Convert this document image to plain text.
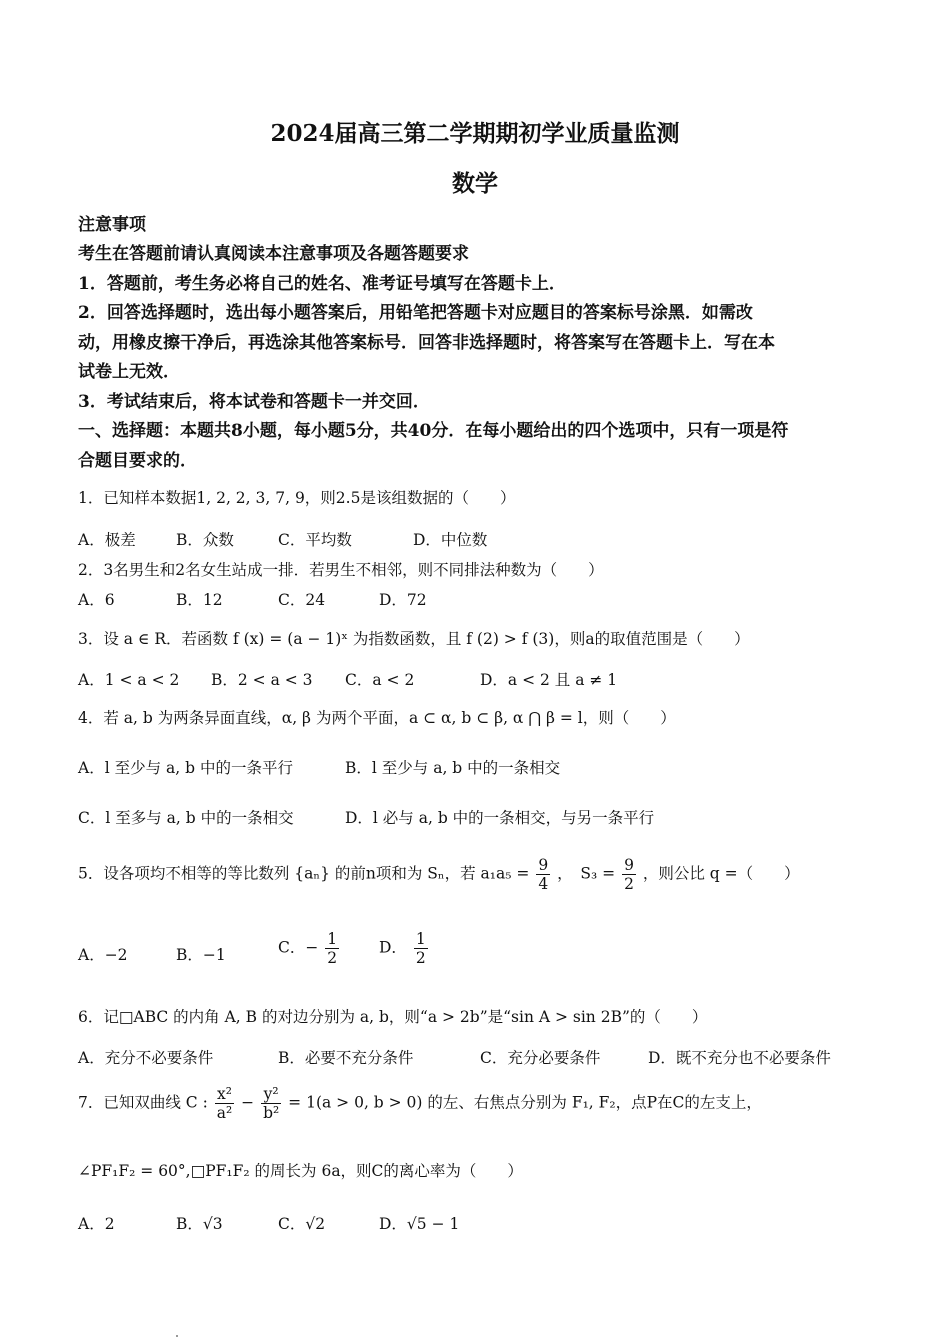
2024届高三第二学期期初学业质量监测
数学
注意事项
考生在答题前请认真阅读本注意事项及各题答题要求
1．答题前，考生务必将自己的姓名、准考证号填写在答题卡上．
2．回答选择题时，选出每小题答案后，用铅笔把答题卡对应题目的答案标号涂黑．如需改
动，用橡皮擦干净后，再选涂其他答案标号．回答非选择题时，将答案写在答题卡上．写在本
试卷上无效．
3．考试结束后，将本试卷和答题卡一并交回．
一、选择题：本题共8小题，每小题5分，共40分．在每小题给出的四个选项中，只有一项是符
合题目要求的．
1．已知样本数据1, 2, 2, 3, 7, 9，则2.5是该组数据的（　　）
A．极差	B．众数	C．平均数	D．中位数
2．3名男生和2名女生站成一排．若男生不相邻，则不同排法种数为（　　）
A．6	B．12	C．24	D．72
3．设 a ∈ R．若函数 f (x) = (a − 1)ˣ 为指数函数，且 f (2) > f (3)，则a的取值范围是（　　）
A．1 < a < 2 B．2 < a < 3 C．a < 2	D．a < 2 且 a ≠ 1
4．若 a, b 为两条异面直线，α, β 为两个平面，a ⊂ α, b ⊂ β, α ⋂ β = l，则（　　）
A．l 至少与 a, b 中的一条平行	B．l 至少与 a, b 中的一条相交
C．l 至多与 a, b 中的一条相交	D．l 必与 a, b 中的一条相交，与另一条平行
5．设各项均不相等的等比数列 {aₙ} 的前n项和为 Sₙ，若 $a_1a_5 = \frac{9}{4}$ ，　$S_3 = \frac{9}{2}$ ，则公比 q =（　　）
A．−2	B．−1	C．− $\frac{1}{2}$	D． $\frac{1}{2}$
6．记□ABC 的内角 A, B 的对边分别为 a, b，则“a > 2b”是“sin A > sin 2B”的（　　）
A．充分不必要条件	B．必要不充分条件	C．充分必要条件	D．既不充分也不必要条件
7．已知双曲线 C : $\frac{\text{x²}}{\text{a²}} - \frac{\text{y²}}{\text{b²}} = 1(a > 0$, b > 0) 的左、右焦点分别为 F₁, F₂，点P在C的左支上，
∠PF₁F₂ = 60°,□PF₁F₂ 的周长为 6a，则C的离心率为（　　）
A．2	B．√3	C．√2	D．√5 − 1
